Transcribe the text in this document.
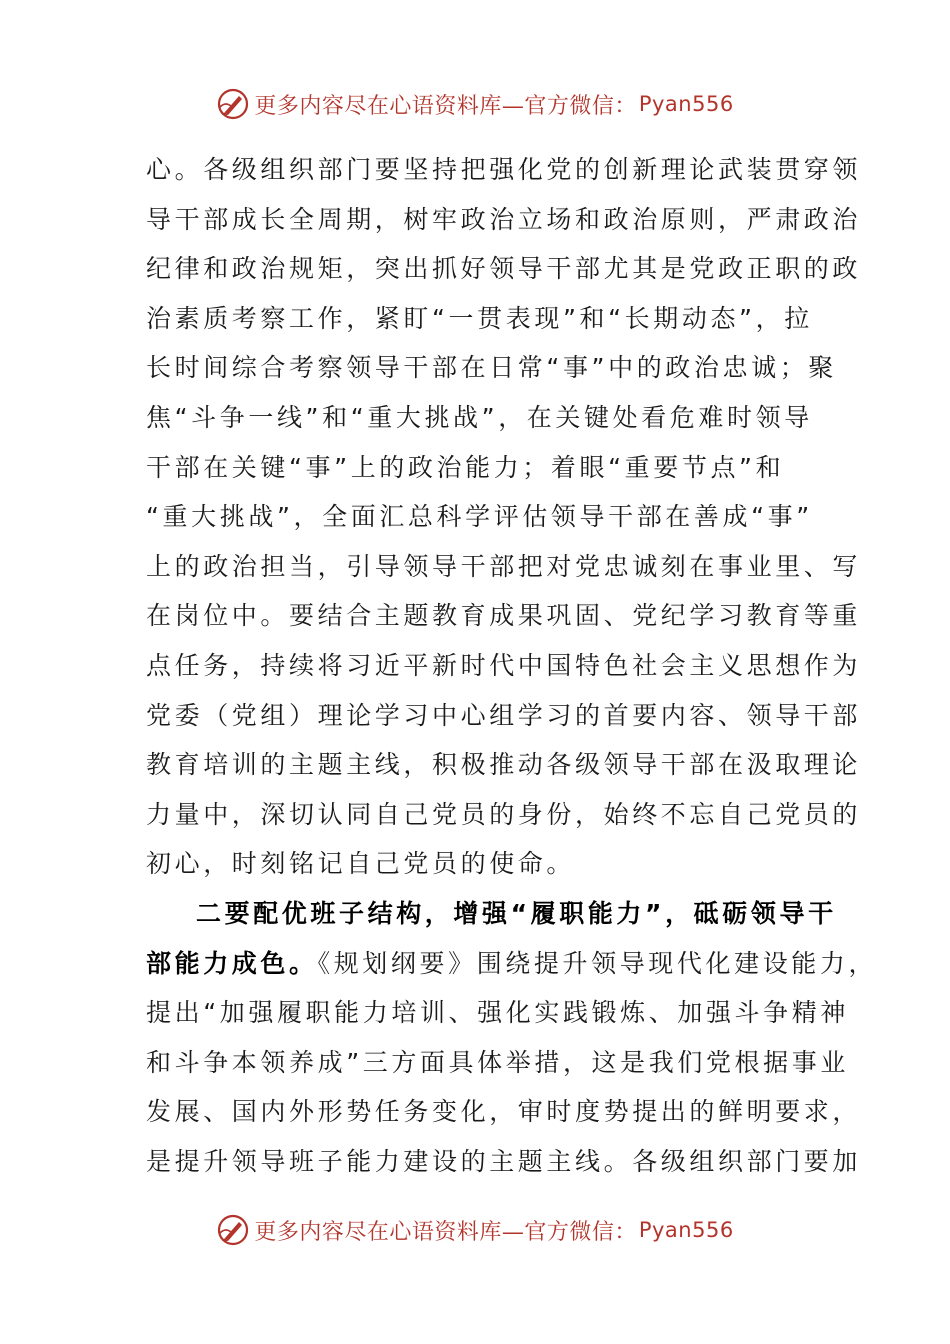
更多内容尽在心语资料库—官方微信： Pyan556
心。各级组织部门要坚持把强化党的创新理论武装贯穿领
导干部成长全周期，树牢政治立场和政治原则，严肃政治
纪律和政治规矩，突出抓好领导干部尤其是党政正职的政
治素质考察工作，紧盯“一贯表现”和“长期动态”，拉
长时间综合考察领导干部在日常“事”中的政治忠诚；聚
焦“斗争一线”和“重大挑战”，在关键处看危难时领导
干部在关键“事”上的政治能力；着眼“重要节点”和
“重大挑战”，全面汇总科学评估领导干部在善成“事”
上的政治担当，引导领导干部把对党忠诚刻在事业里、写
在岗位中。要结合主题教育成果巩固、党纪学习教育等重
点任务，持续将习近平新时代中国特色社会主义思想作为
党委（党组）理论学习中心组学习的首要内容、领导干部
教育培训的主题主线，积极推动各级领导干部在汲取理论
力量中，深切认同自己党员的身份，始终不忘自己党员的
初心，时刻铭记自己党员的使命。
二要配优班子结构，增强“履职能力”，砥砺领导干
部能力成色。《规划纲要》围绕提升领导现代化建设能力，
提出“加强履职能力培训、强化实践锻炼、加强斗争精神
和斗争本领养成”三方面具体举措，这是我们党根据事业
发展、国内外形势任务变化，审时度势提出的鲜明要求，
是提升领导班子能力建设的主题主线。各级组织部门要加
更多内容尽在心语资料库—官方微信： Pyan556
